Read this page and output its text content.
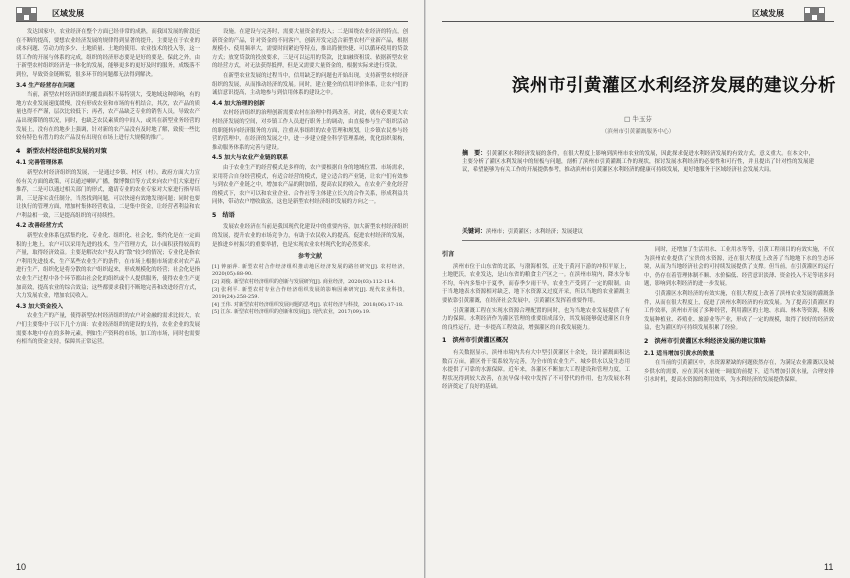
区域发展

发达国家中，农业经济在整个方面已经非常的成熟，而我国发展的阶段还在不断的提高，要想农业经济发展的规律得到显著的提升，主要是在于农业的成本问题、劳动力的多少、土地质量、土地的使用、农业技术的投入等，这一切工作的开展与体系的完成，组织的经济形态要是是好的要是，保此之外，由于新型农村组织经济是一体化的发展，能够更多的更好及时的服务，成级落不到位，导致资金链断裂，很多环节的问题都无法得到解决。

3.4 生产经营存在问题

当前，新型农村经济组织的覆盖面积不易特别大，受地域这种影响，有的地方农业发展速度缓慢，没有形成农业和市场的有机结合，其次，农产品的质量也得不严谨，层次比较低下；再者，农产品缺乏专业的销售人员，导致农产品出现滞销的状况，同时，也缺乏农民素质的中间人，或其在新型业务经营的发展上，没有在的地步上强调，针对新的农产品没有及时地了解，致使一些比较有特色有潜力的农产品没有出现在市场上进行大规模的推广。

4　新型农村经济组织发展的对策
4.1 完善管理体系

新型农村经济组织的发展，一是通过乡镇、村区（村），政府方面大力宣传有关方面的政策，可以通过喇叭广播，微博微信等方式来向农户们大家进行推荐，二是可以通过相关部门的形式，邀请专业的农业专家对大家进行指导培训，三是落实责任制分，当然找到问题，可以快速有效地发现问题；同时也要让执行的管理方面，增加村集体经营收益，二是集中资金，让经营者利益和农户利益相一致，三是提高组织的可持续性。

4.2 改善经营方式

新型农业体系包括集约化、专业化、组织化、社会化，集约化是在一定面积的土地上，农户可以采用先进的技术，生产管理方式，以小面积获得较高的产量，取得经济效益。主要是解决农户投入的“散”较少的情况；专业化是指农户利用先进技术，生产某些农业生产的条件，在市场上根据市场需求对农产品进行生产，组织化是将分散的农户组织起来，形成规模化的经营；社会化是指农业生产过程中各个环节都由社会化的组织或个人提供服务，使得农业生产更加高效，提高农业的综合效益；这些都要求我们不断地完善和改进经营方式，大力发展农业，增加农民收入。

4.3 加大资金投入

农业生产的产量，使得新型农村经济组织的农户对金融的需求比较大，农户们主要集中于以下几个方面：农业经济组织的建设的支持，农业企业的发展需要本地中存在的多种元素，例如生产资料的市场，加工的市场，同时也需要有相当的资金支持，保障其正常运营。

设施。在建设与完善时，需要大量资金的投入；二是围绕农业经济的特点，创新资金的产品，针对资金的不同客户，创新开发完适合新型农村产业新产品，根据规模小、使用频率大，需要时间紧迫等特点，推出简便快捷、可以循环使用的贷款方式；放宽贷款的投放要求，三是可以运用的贷款，比如融资租赁、依据新型农业的经营方式，对无法获得抵押，但是又需要大量资金的，根据实际来进行贷款。

在新型农业发展的过程当中，信用缺乏的问题也开始出现，支持新型农村经济组织的发展，从而推动经济的发展。同时，建立健全的信用评价体系，让农户们的诚信意识提高，主动地参与到信用体系的建设之中。

4.4 加大治理的创新

农村经济组织的治理创新需要农村在治理中得到改善，对此，就有必要更大农村经济发展的空间，对乡镇工作人员进行职务上的调动，由直接参与生产组织活动的职能转向经济服务的方面，注重从事组织的农业管理和规划，让乡镇农民参与经营的管理中，在经济的发展之中，进一步建立健全科学管理系统，优化组织架构，推动服务体系的完善与建设。

4.5 加大与农业产业链的联系

由于农业生产的经营模式是多样的，农户要根据自身的地域位置、市场需求，采用符合自身经营模式，有适合经营的模式，建立适合的产业链，让农户们有效参与到农业产业链之中，增加农产品的附加值，提高农民的收入，在农业产业化经营的模式下，农户可以和农业企业、合作社等主体建立长久的合作关系，形成利益共同体，带动农户增收致富，这也是新型农村经济组织发展的方向之一。

5　结语

发展农业经济在当前是我国现代化建设中的重要内容，加大新型农村经济组织的发展，提升农业的市场竞争力，有助于农民收入的提高，促进农村经济的发展，是推进乡村振兴的重要举措，也是实现农业农村现代化的必然要求。

参考文献
[1] 钟丽萍. 新型农村合作经济组织推动地区经济发展的路径研究[J]. 农村经济，2020(05):88-90.
[2] 刘俊. 新型农村经济组织的创新与发展研究[J]. 商业经济，2020(03):112-114.
[3] 张利平. 新型农村专业合作经济组织发展的影响因素研究[J]. 现代农业科技，2019(24):258-259.
[4] 王伟. 对新型农村经济组织发展问题的思考[J]. 农村经济与科技，2018(06):17-18.
[5] 江东. 新型农村经济组织的创新和发展[J]. 现代农业，2017(09):19.
10
区域发展
滨州市引黄灌区水利经济发展的建议分析
□ 牛玉芬
（滨州市引黄灌溉服务中心）
摘　要：引黄灌区水利经济发展的条件，在很大程度上影响到滨州市农业的发展，因此探求促进水利经济发展的有效方式，意义重大。在本文中，主要分析了灌区水利发展中的短板与问题，剖析了滨州市引黄灌溉工作的现状，探讨发展水利经济的必要性和可行性，并且提出了针对性的发展建议，希望能够为有关工作的开展提供参考，推动滨州市引黄灌区水利经济的健康可持续发展，更好地服务于区域经济社会发展大局。
关键词：滨州市；引黄灌区；水利经济；发展建议
引言

滨州市位于山东省的北部，与渤海相邻，正处于黄河下游的冲积平原上，土地肥沃，农业发达，是山东省的粮食主产区之一。在滨州市境内，降水分布不均，年内多集中于夏季，而春季少雨干旱，农业生产受到了一定的限制。由于当地地表水资源相对缺乏，地下水资源又过度开采，所以当地的农业灌溉主要依靠引黄灌溉，在经济社会发展中，引黄灌区发挥着重要作用。

引黄灌溉工程在实现水资源合理配置的同时，也为当地农业发展提供了有力的保障。水利经济作为灌区管理的重要组成部分，其发展能够促进灌区自身的良性运行，进一步提高工程效益，增强灌区的自我发展能力。

1　滨州市引黄灌区概况

有关数据显示，滨州市境内共有大中型引黄灌区十余处，设计灌溉面积达数百万亩，灌区骨干渠系较为完善，为全市的农业生产、城乡供水以及生态用水提供了可靠的水源保障。近年来，各灌区不断加大工程建设和管理力度，工程状况得到较大改善，在抗旱保丰收中发挥了不可替代的作用，也为发展水利经济奠定了良好的基础。

同时，还增加了生活用水、工业用水等等，引黄工程项目的有效实施，不仅为滨州农业提供了宝贵的水资源，还在很大程度上改善了当地地下水的生态环境，从而为当地经济社会的可持续发展提供了支撑。但当前，在引黄灌区的运行中，仍存在着管理体制不顺、水价偏低、经营意识淡薄、资金投入不足等诸多问题，影响到水利经济的进一步发展。

引黄灌区水利经济的有效实施，在很大程度上改善了滨州农业发展的灌溉条件，从而在很大程度上，促进了滨州水利经济的有效发展。为了提高引黄灌区的工作效率，滨州市开展了多种经营，利用灌区的土地、水面、林木等资源，积极发展种植业、养殖业、旅游业等产业，形成了一定的规模，取得了较好的经济效益，也为灌区的可持续发展积累了经验。

2　滨州市引黄灌区水利经济发展的建议策略
2.1 适当增加引黄水的数量

在当前的引黄灌区中，水资源紧缺的问题依然存在，为满足农业灌溉以及城乡供水的需要，应在黄河水量统一调度的前提下，适当增加引黄水量，合理安排引水时机，提高水资源的利用效率，为水利经济的发展提供保障。

11
